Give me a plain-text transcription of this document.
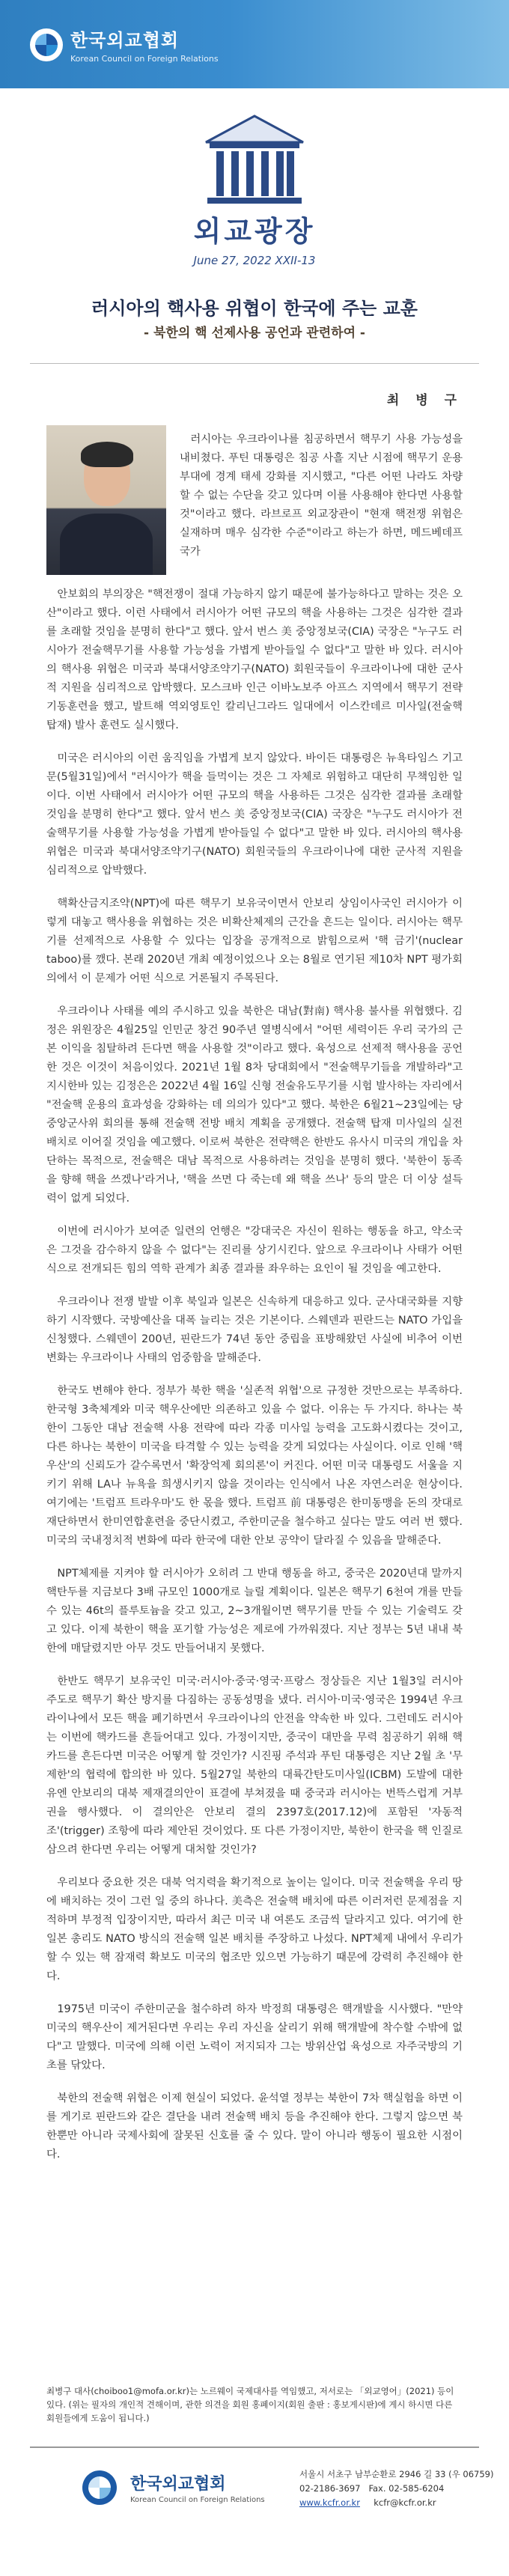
한국외교협회
Korean Council on Foreign Relations
외교광장
June 27, 2022 XXII-13
러시아의 핵사용 위협이 한국에 주는 교훈
- 북한의 핵 선제사용 공언과 관련하여 -
최 병 구
러시아는 우크라이나를 침공하면서 핵무기 사용 가능성을 내비쳤다. 푸틴 대통령은 침공 사흘 지난 시점에 핵무기 운용 부대에 경계 태세 강화를 지시했고, "다른 어떤 나라도 차량할 수 없는 수단을 갖고 있다며 이를 사용해야 한다면 사용할 것"이라고 했다. 라브로프 외교장관이 "현재 핵전쟁 위험은 실재하며 매우 심각한 수준"이라고 하는가 하면, 메드베데프 국가

안보회의 부의장은 "핵전쟁이 절대 가능하지 않기 때문에 불가능하다고 말하는 것은 오산"이라고 했다. 이런 사태에서 러시아가 어떤 규모의 핵을 사용하는 그것은 심각한 결과를 초래할 것임을 분명히 한다"고 했다. 앞서 번스 美 중앙정보국(CIA) 국장은 "누구도 러시아가 전술핵무기를 사용할 가능성을 가볍게 받아들일 수 없다"고 말한 바 있다. 러시아의 핵사용 위협은 미국과 북대서양조약기구(NATO) 회원국들이 우크라이나에 대한 군사적 지원을 심리적으로 압박했다. 모스크바 인근 이바노보주 아프스 지역에서 핵무기 전략 기동훈련을 했고, 발트해 역외영토인 칼리닌그라드 일대에서 이스칸데르 미사일(전술핵탑재) 발사 훈련도 실시했다.

미국은 러시아의 이런 움직임을 가볍게 보지 않았다. 바이든 대통령은 뉴욕타임스 기고문(5월31일)에서 "러시아가 핵을 들먹이는 것은 그 자체로 위험하고 대단히 무책임한 일이다. 이번 사태에서 러시아가 어떤 규모의 핵을 사용하든 그것은 심각한 결과를 초래할 것임을 분명히 한다"고 했다. 앞서 번스 美 중앙정보국(CIA) 국장은 "누구도 러시아가 전술핵무기를 사용할 가능성을 가볍게 받아들일 수 없다"고 말한 바 있다. 러시아의 핵사용 위협은 미국과 북대서양조약기구(NATO) 회원국들의 우크라이나에 대한 군사적 지원을 심리적으로 압박했다.

핵확산금지조약(NPT)에 따른 핵무기 보유국이면서 안보리 상임이사국인 러시아가 이렇게 대놓고 핵사용을 위협하는 것은 비확산체제의 근간을 흔드는 일이다. 러시아는 핵무기를 선제적으로 사용할 수 있다는 입장을 공개적으로 밝힘으로써 '핵 금기'(nuclear taboo)를 깼다. 본래 2020년 개최 예정이었으나 오는 8월로 연기된 제10차 NPT 평가회의에서 이 문제가 어떤 식으로 거론될지 주목된다.

우크라이나 사태를 예의 주시하고 있을 북한은 대남(對南) 핵사용 불사를 위협했다. 김정은 위원장은 4월25일 인민군 창건 90주년 열병식에서 "어떤 세력이든 우리 국가의 근본 이익을 침탈하려 든다면 핵을 사용할 것"이라고 했다. 육성으로 선제적 핵사용을 공언한 것은 이것이 처음이었다. 2021년 1월 8차 당대회에서 "전술핵무기들을 개발하라"고 지시한바 있는 김정은은 2022년 4월 16일 신형 전술유도무기를 시험 발사하는 자리에서 "전술핵 운용의 효과성을 강화하는 데 의의가 있다"고 했다. 북한은 6월21~23일에는 당중앙군사위 회의를 통해 전술핵 전방 배치 계획을 공개했다. 전술핵 탑재 미사일의 실전 배치로 이어질 것임을 예고했다. 이로써 북한은 전략핵은 한반도 유사시 미국의 개입을 차단하는 목적으로, 전술핵은 대남 목적으로 사용하려는 것임을 분명히 했다. '북한이 동족을 향해 핵을 쓰겠나'라거나, '핵을 쓰면 다 죽는데 왜 핵을 쓰나' 등의 말은 더 이상 설득력이 없게 되었다.

이번에 러시아가 보여준 일련의 언행은 "강대국은 자신이 원하는 행동을 하고, 약소국은 그것을 감수하지 않을 수 없다"는 진리를 상기시킨다. 앞으로 우크라이나 사태가 어떤 식으로 전개되든 힘의 역학 관계가 최종 결과를 좌우하는 요인이 될 것임을 예고한다.

우크라이나 전쟁 발발 이후 북일과 일본은 신속하게 대응하고 있다. 군사대국화를 지향하기 시작했다. 국방예산을 대폭 늘리는 것은 기본이다. 스웨덴과 핀란드는 NATO 가입을 신청했다. 스웨덴이 200년, 핀란드가 74년 동안 중립을 표방해왔던 사실에 비추어 이번 변화는 우크라이나 사태의 엄중함을 말해준다.

한국도 변해야 한다. 정부가 북한 핵을 '실존적 위협'으로 규정한 것만으로는 부족하다. 한국형 3축체계와 미국 핵우산에만 의존하고 있을 수 없다. 이유는 두 가지다. 하나는 북한이 그동안 대남 전술핵 사용 전략에 따라 각종 미사일 능력을 고도화시켰다는 것이고, 다른 하나는 북한이 미국을 타격할 수 있는 능력을 갖게 되었다는 사실이다. 이로 인해 '핵우산'의 신뢰도가 갈수록면서 '확장억제 회의론'이 커진다. 어떤 미국 대통령도 서울을 지키기 위해 LA나 뉴욕을 희생시키지 않을 것이라는 인식에서 나온 자연스러운 현상이다. 여기에는 '트럼프 트라우마'도 한 몫을 했다. 트럼프 前 대통령은 한미동맹을 돈의 잣대로 재단하면서 한미연합훈련을 중단시켰고, 주한미군을 철수하고 싶다는 말도 여러 번 했다. 미국의 국내정치적 변화에 따라 한국에 대한 안보 공약이 달라질 수 있음을 말해준다.

NPT체제를 지켜야 할 러시아가 오히려 그 반대 행동을 하고, 중국은 2020년대 말까지 핵탄두를 지금보다 3배 규모인 1000개로 늘릴 계획이다. 일본은 핵무기 6천여 개를 만들 수 있는 46t의 플루토늄을 갖고 있고, 2~3개월이면 핵무기를 만들 수 있는 기술력도 갖고 있다. 이제 북한이 핵을 포기할 가능성은 제로에 가까워졌다. 지난 정부는 5년 내내 북한에 매달렸지만 아무 것도 만들어내지 못했다.

한반도 핵무기 보유국인 미국·러시아·중국·영국·프랑스 정상들은 지난 1월3일 러시아 주도로 핵무기 확산 방지를 다짐하는 공동성명을 냈다. 러시아·미국·영국은 1994년 우크라이나에서 모든 핵을 폐기하면서 우크라이나의 안전을 약속한 바 있다. 그런데도 러시아는 이번에 핵카드를 흔들어대고 있다. 가정이지만, 중국이 대만을 무력 침공하기 위해 핵카드를 흔든다면 미국은 어떻게 할 것인가? 시진핑 주석과 푸틴 대통령은 지난 2월 초 '무제한'의 협력에 합의한 바 있다. 5월27일 북한의 대륙간탄도미사일(ICBM) 도발에 대한 유엔 안보리의 대북 제재결의안이 표결에 부쳐졌을 때 중국과 러시아는 번뜩스럽게 거부권을 행사했다. 이 결의안은 안보리 결의 2397호(2017.12)에 포함된 '자동적조'(trigger) 조항에 따라 제안된 것이었다. 또 다른 가정이지만, 북한이 한국을 핵 인질로 삼으려 한다면 우리는 어떻게 대처할 것인가?

우리보다 중요한 것은 대북 억지력을 확기적으로 높이는 일이다. 미국 전술핵을 우리 땅에 배치하는 것이 그런 일 중의 하나다. 美측은 전술핵 배치에 따른 이러저런 문제점을 지적하며 부정적 입장이지만, 따라서 최근 미국 내 여론도 조금씩 달라지고 있다. 여기에 한 일본 총리도 NATO 방식의 전술핵 일본 배치를 주장하고 나섰다. NPT체제 내에서 우리가 할 수 있는 핵 잠재력 확보도 미국의 협조만 있으면 가능하기 때문에 강력히 추진해야 한다.

1975년 미국이 주한미군을 철수하려 하자 박정희 대통령은 핵개발을 시사했다. "만약 미국의 핵우산이 제거된다면 우리는 우리 자신을 살리기 위해 핵개발에 착수할 수밖에 없다"고 말했다. 미국에 의해 이런 노력이 저지되자 그는 방위산업 육성으로 자주국방의 기초를 닦았다.

북한의 전술핵 위협은 이제 현실이 되었다. 윤석열 정부는 북한이 7차 핵실험을 하면 이를 게기로 핀란드와 같은 결단을 내려 전술핵 배치 등을 추진해야 한다. 그렇지 않으면 북한뿐만 아니라 국제사회에 잘못된 신호를 줄 수 있다. 말이 아니라 행동이 필요한 시점이다.

최병구 대사(choiboo1@mofa.or.kr)는 노르웨이 국제대사를 역임했고, 저서로는 「외교영어」(2021) 등이 있다. (위는 필자의 개인적 견해이며, 관한 의견을 회원 홍폐이지(회원 출판 : 홍보게시판)에 게시 하시면 다른 회원들에게 도움이 됩니다.)
한국외교협회
Korean Council on Foreign Relations
서울시 서초구 남부순환로 2946 길 33 (우 06759)
02-2186-3697 Fax. 02-585-6204
www.kcfr.or.kr kcfr@kcfr.or.kr
